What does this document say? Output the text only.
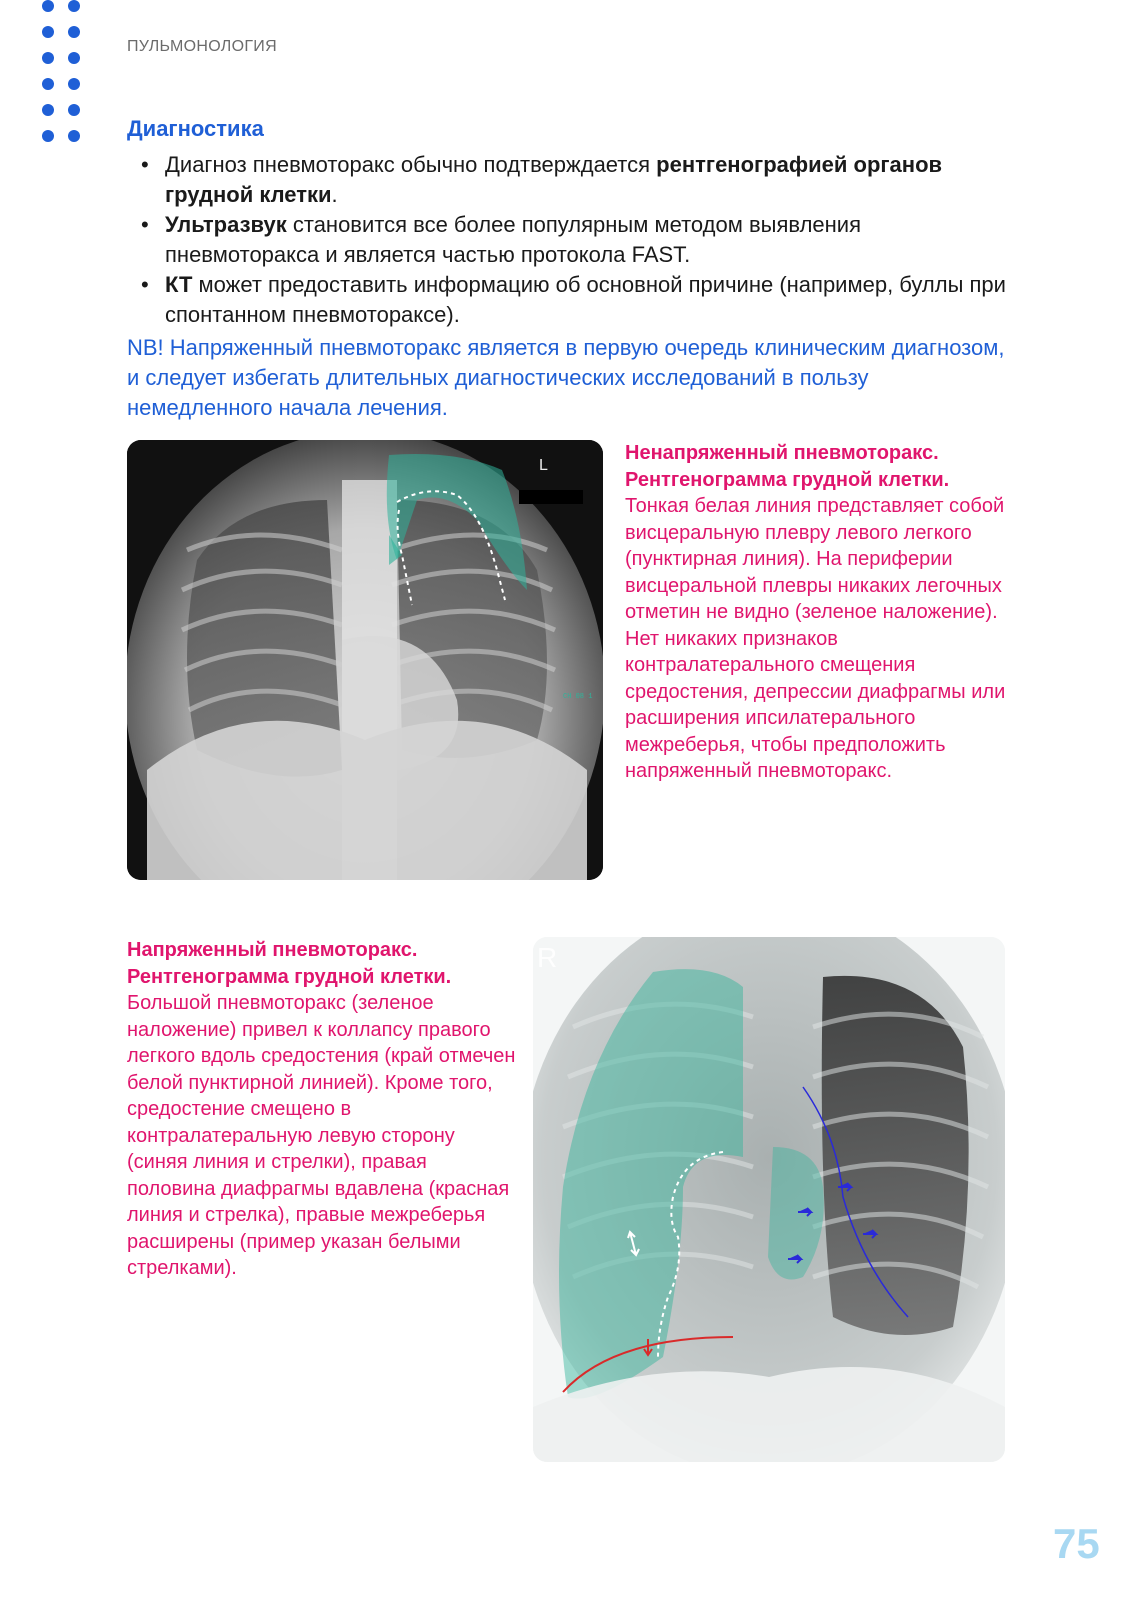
ПУЛЬМОНОЛОГИЯ
Диагностика
• Диагноз пневмоторакс обычно подтверждается рентгенографией органов грудной клетки.
• Ультразвук становится все более популярным методом выявления пневмоторакса и является частью протокола FAST.
• КТ может предоставить информацию об основной причине (например, буллы при спонтанном пневмотораксе).
NB! Напряженный пневмоторакс является в первую очередь клиническим диагнозом, и следует избегать длительных диагностических исследований в пользу немедленного начала лечения.
L
CH 08 1
Ненапряженный пневмоторакс. Рентгенограмма грудной клетки.
Тонкая белая линия представляет собой висцеральную плевру левого легкого (пунктирная линия). На периферии висцеральной плевры никаких легочных отметин не видно (зеленое наложение). Нет никаких признаков контралатерального смещения средостения, депрессии диафрагмы или расширения ипсилатерального межреберья, чтобы предположить напряженный пневмоторакс.
R
Напряженный пневмоторакс. Рентгенограмма грудной клетки.
Большой пневмоторакс (зеленое наложение) привел к коллапсу правого легкого вдоль средостения (край отмечен белой пунктирной линией). Кроме того, средостение смещено в контралатеральную левую сторону (синяя линия и стрелки), правая половина диафрагмы вдавлена (красная линия и стрелка), правые межреберья расширены (пример указан белыми стрелками).
75
